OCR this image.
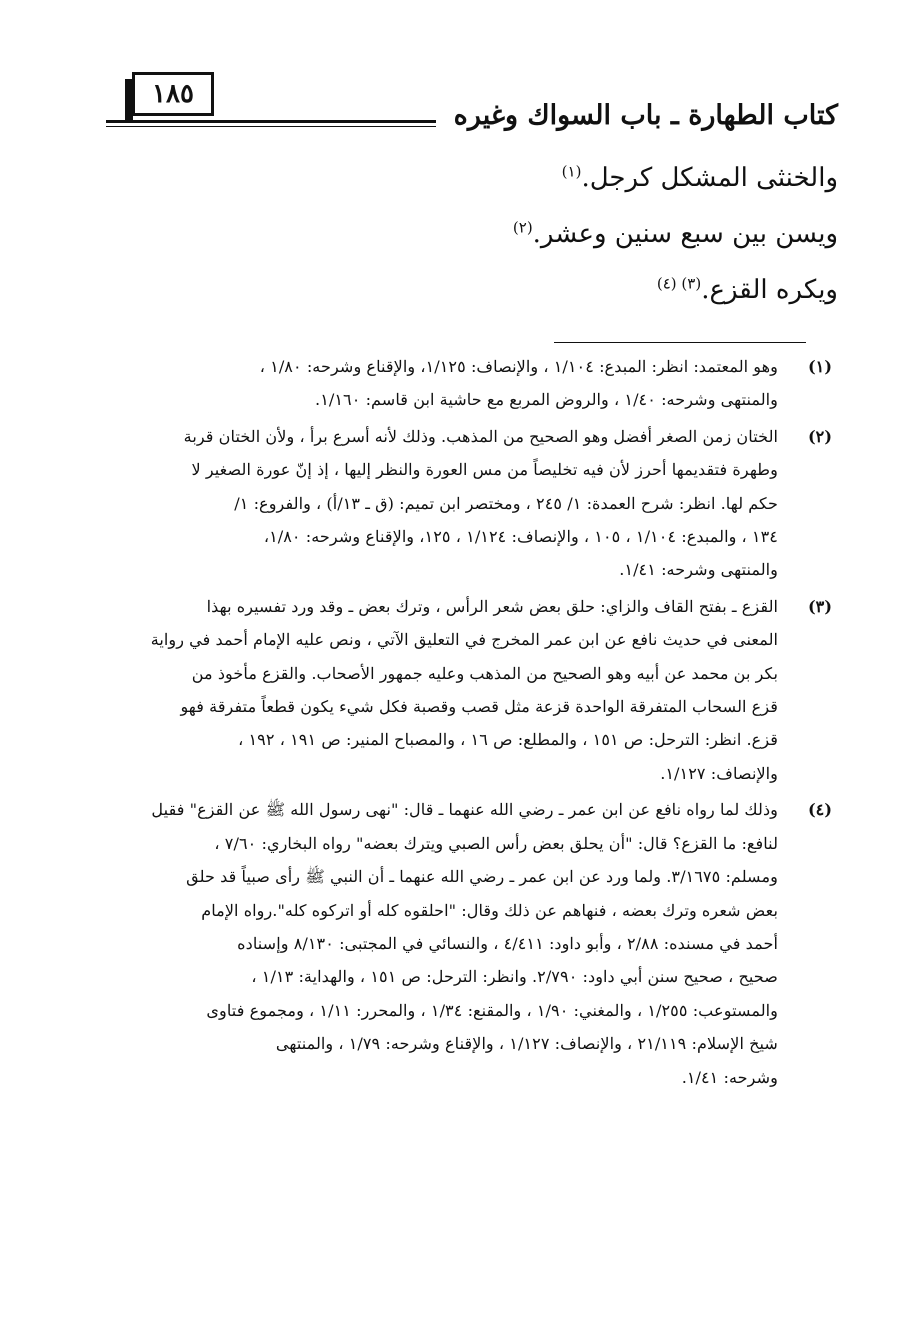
١٨٥
كتاب الطهارة ـ باب السواك وغيره
والخنثى المشكل كرجل.$^{(١)}$
ويسن بين سبع سنين وعشر.$^{(٢)}$
ويكره القزع.$^{(٣) (٤)}$
(١)
وهو المعتمد: انظر: المبدع: ١/١٠٤ ، والإنصاف: ١/١٢٥، والإقناع وشرحه: ١/٨٠ ،
والمنتهى وشرحه: ١/٤٠ ، والروض المربع مع حاشية ابن قاسم: ١/١٦٠.
(٢)
الختان زمن الصغر أفضل وهو الصحيح من المذهب. وذلك لأنه أسرع برأ ، ولأن الختان قربة
وطهرة فتقديمها أحرز لأن فيه تخليصاً من مس العورة والنظر إليها ، إذ إنّ عورة الصغير لا
حكم لها. انظر: شرح العمدة: ١/ ٢٤٥ ، ومختصر ابن تميم: (ق ـ ١٣/أ) ، والفروع: ١/
١٣٤ ، والمبدع: ١/١٠٤ ، ١٠٥ ، والإنصاف: ١/١٢٤ ، ١٢٥، والإقناع وشرحه: ١/٨٠،
والمنتهى وشرحه: ١/٤١.
(٣)
القزع ـ بفتح القاف والزاي: حلق بعض شعر الرأس ، وترك بعض ـ وقد ورد تفسيره بهذا
المعنى في حديث نافع عن ابن عمر المخرج في التعليق الآتي ، ونص عليه الإمام أحمد في رواية
بكر بن محمد عن أبيه وهو الصحيح من المذهب وعليه جمهور الأصحاب. والقزع مأخوذ من
قزع السحاب المتفرقة الواحدة قزعة مثل قصب وقصبة فكل شيء يكون قطعاً متفرقة فهو
قزع. انظر: الترحل: ص ١٥١ ، والمطلع: ص ١٦ ، والمصباح المنير: ص ١٩١ ، ١٩٢ ،
والإنصاف: ١/١٢٧.
(٤)
وذلك لما رواه نافع عن ابن عمر ـ رضي الله عنهما ـ قال: "نهى رسول الله ﷺ عن القزع" فقيل
لنافع: ما القزع؟ قال: "أن يحلق بعض رأس الصبي ويترك بعضه" رواه البخاري: ٧/٦٠ ،
ومسلم: ٣/١٦٧٥. ولما ورد عن ابن عمر ـ رضي الله عنهما ـ أن النبي ﷺ رأى صبياً قد حلق
بعض شعره وترك بعضه ، فنهاهم عن ذلك وقال: "احلقوه كله أو اتركوه كله".رواه الإمام
أحمد في مسنده: ٢/٨٨ ، وأبو داود: ٤/٤١١ ، والنسائي في المجتبى: ٨/١٣٠ وإسناده
صحيح ، صحيح سنن أبي داود: ٢/٧٩٠. وانظر: الترحل: ص ١٥١ ، والهداية: ١/١٣ ،
والمستوعب: ١/٢٥٥ ، والمغني: ١/٩٠ ، والمقنع: ١/٣٤ ، والمحرر: ١/١١ ، ومجموع فتاوى
شيخ الإسلام: ٢١/١١٩ ، والإنصاف: ١/١٢٧ ، والإقناع وشرحه: ١/٧٩ ، والمنتهى
وشرحه: ١/٤١.
